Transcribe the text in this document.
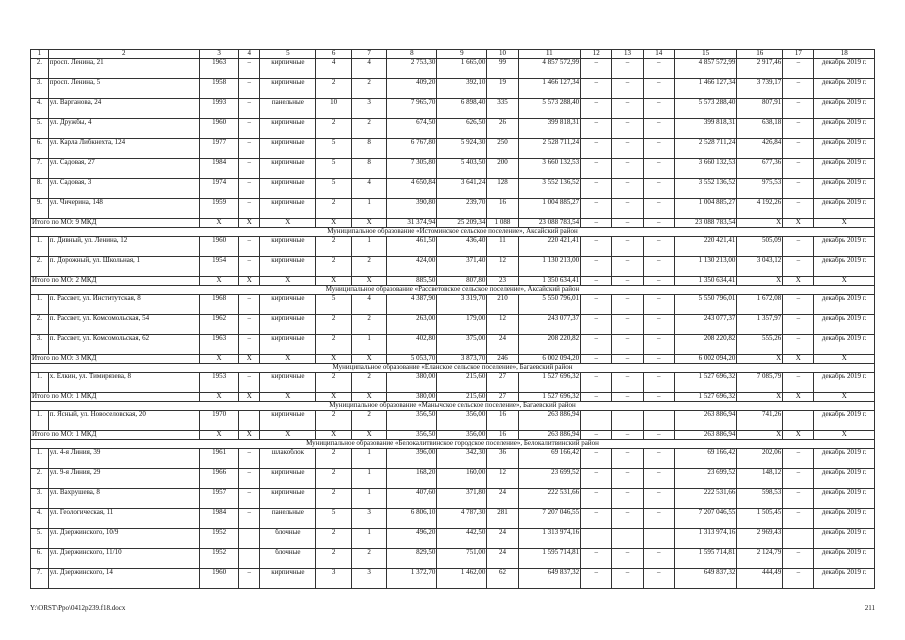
1	2	3	4	5	6	7	8	9	10	11	12	13	14	15	16	17	18
2.	просп. Ленина, 21	1963	–	кирпичные	4	4	2 753,30	1 665,00	99	4 857 572,99	–	–	–	4 857 572,99	2 917,46	–	декабрь 2019 г.
3.	просп. Ленина, 5	1958	–	кирпичные	2	2	409,20	392,10	19	1 466 127,34	–	–	–	1 466 127,34	3 739,17	–	декабрь 2019 г.
4.	ул. Варганова, 24	1993	–	панельные	10	3	7 965,70	6 898,40	335	5 573 288,40	–	–	–	5 573 288,40	807,91	–	декабрь 2019 г.
5.	ул. Дружбы, 4	1960	–	кирпичные	2	2	674,50	626,50	26	399 818,31	–	–	–	399 818,31	638,18	–	декабрь 2019 г.
6.	ул. Карла Либкнехта, 124	1977	–	кирпичные	5	8	6 767,80	5 924,30	250	2 528 711,24	–	–	–	2 528 711,24	426,84	–	декабрь 2019 г.
7.	ул. Садовая, 27	1984	–	кирпичные	5	8	7 305,80	5 403,50	200	3 660 132,53	–	–	–	3 660 132,53	677,36	–	декабрь 2019 г.
8.	ул. Садовая, 3	1974	–	кирпичные	5	4	4 650,84	3 641,24	128	3 552 136,52	–	–	–	3 552 136,52	975,53	–	декабрь 2019 г.
9.	ул. Чичерина, 148	1959	–	кирпичные	2	1	390,80	239,70	16	1 004 885,27	–	–	–	1 004 885,27	4 192,26	–	декабрь 2019 г.
Итого по МО: 9 МКД		X	X	X	X	X	31 374,94	25 209,34	1 088	23 088 783,54	–	–	–	23 088 783,54	X	X	X
Муниципальное образование «Истоминское сельское поселение», Аксайский район																	
1.	п. Дивный, ул. Ленина, 12	1960	–	кирпичные	2	1	461,50	436,40	11	220 421,41	–	–	–	220 421,41	505,09	–	декабрь 2019 г.
2.	п. Дорожный, ул. Школьная, 1	1954	–	кирпичные	2	2	424,00	371,40	12	1 130 213,00	–	–	–	1 130 213,00	3 043,12	–	декабрь 2019 г.
Итого по МО: 2 МКД		X	X	X	X	X	885,50	807,80	23	1 350 634,41	–	–	–	1 350 634,41	X	X	X
Муниципальное образование «Рассветовское сельское поселение», Аксайский район																	
1.	п. Рассвет, ул. Институтская, 8	1968	–	кирпичные	5	4	4 387,90	3 319,70	210	5 550 796,01	–	–	–	5 550 796,01	1 672,08	–	декабрь 2019 г.
2.	п. Рассвет, ул. Комсомольская, 54	1962	–	кирпичные	2	2	263,00	179,00	12	243 077,37	–	–	–	243 077,37	1 357,97	–	декабрь 2019 г.
3.	п. Рассвет, ул. Комсомольская, 62	1963	–	кирпичные	2	1	402,80	375,00	24	208 220,82	–	–	–	208 220,82	555,26	–	декабрь 2019 г.
Итого по МО: 3 МКД		X	X	X	X	X	5 053,70	3 873,70	246	6 002 094,20	–	–	–	6 002 094,20	X	X	X
Муниципальное образование «Еланское сельское поселение», Багаевский район																	
1.	х. Елкин, ул. Тимирязева, 8	1953	–	кирпичные	2	2	380,00	215,60	27	1 527 696,32	–	–	–	1 527 696,32	7 085,79	–	декабрь 2019 г.
Итого по МО: 1 МКД		X	X	X	X	X	380,00	215,60	27	1 527 696,32	–	–	–	1 527 696,32	X	X	X
Муниципальное образование «Манычское сельское поселение», Багаевский район																	
1.	п. Ясный, ул. Новоселовская, 20	1970		кирпичные	2	2	356,50	356,00	16	263 886,94				263 886,94	741,26		декабрь 2019 г.
Итого по МО: 1 МКД		X	X	X	X	X	356,50	356,00	16	263 886,94	–	–	–	263 886,94	X	X	X
Муниципальное образование «Белокалитвинское городское поселение», Белокалитвинский район																	
1.	ул. 4-я Линия, 39	1961	–	шлакоблок	2	1	396,00	342,30	36	69 166,42	–	–	–	69 166,42	202,06	–	декабрь 2019 г.
2.	ул. 9-я Линия, 29	1966	–	кирпичные	2	1	168,20	160,00	12	23 699,52	–	–	–	23 699,52	148,12	–	декабрь 2019 г.
3.	ул. Вахрушева, 8	1957	–	кирпичные	2	1	407,60	371,80	24	222 531,66	–	–	–	222 531,66	598,53	–	декабрь 2019 г.
4.	ул. Геологическая, 11	1984	–	панельные	5	3	6 806,10	4 787,30	281	7 207 046,55	–	–	–	7 207 046,55	1 505,45	–	декабрь 2019 г.
5.	ул. Дзержинского, 10/9	1952		блочные	2	1	496,20	442,50	24	1 313 974,16				1 313 974,16	2 969,43		декабрь 2019 г.
6.	ул. Дзержинского, 11/10	1952		блочные	2	2	829,50	751,00	24	1 595 714,81	–	–	–	1 595 714,81	2 124,79	–	декабрь 2019 г.
7.	ул. Дзержинского, 14	1960	–	кирпичные	3	3	1 372,70	1 462,00	62	649 837,32	–	–	–	649 837,32	444,49	–	декабрь 2019 г.
Y:\ORST\Ppo\0412p239.f18.docx	211
